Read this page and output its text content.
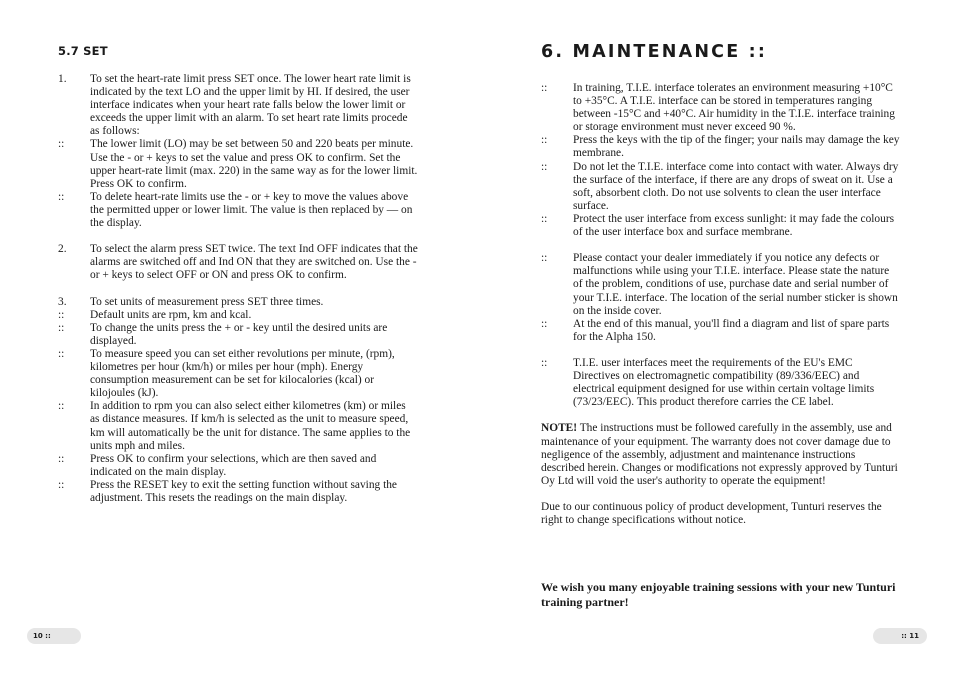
5.7 SET
1.	To set the heart-rate limit press SET once. The lower heart rate limit is indicated by the text LO and the upper limit by HI. If desired, the user interface indicates when your heart rate falls below the lower limit or exceeds the upper limit with an alarm. To set heart rate limits procede as follows:
::	The lower limit (LO) may be set between 50 and 220 beats per minute. Use the - or + keys to set the value and press OK to confirm. Set the upper heart-rate limit (max. 220) in the same way as for the lower limit. Press OK to confirm.
::	To delete heart-rate limits use the - or + key to move the values above the permitted upper or lower limit. The value is then replaced by — on the display.
2.	To select the alarm press SET twice. The text Ind OFF indicates that the alarms are switched off and Ind ON that they are switched on. Use the - or + keys to select OFF or ON and press OK to confirm.
3.	To set units of measurement press SET three times.
::	Default units are rpm, km and kcal.
::	To change the units press the + or - key until the desired units are displayed.
::	To measure speed you can set either revolutions per minute, (rpm), kilometres per hour (km/h) or miles per hour (mph). Energy consumption measurement can be set for kilocalories (kcal) or kilojoules (kJ).
::	In addition to rpm you can also select either kilometres (km) or miles as distance measures. If km/h is selected as the unit to measure speed, km will automatically be the unit for distance. The same applies to the units mph and miles.
::	Press OK to confirm your selections, which are then saved and indicated on the main display.
::	Press the RESET key to exit the setting function without saving the adjustment. This resets the readings on the main display.
10 ::
6. MAINTENANCE ::
::	In training, T.I.E. interface tolerates an environment measuring +10°C to +35°C. A T.I.E. interface can be stored in temperatures ranging between -15°C and +40°C. Air humidity in the T.I.E. interface training or storage environment must never exceed 90 %.
::	Press the keys with the tip of the finger; your nails may damage the key membrane.
::	Do not let the T.I.E. interface come into contact with water. Always dry the surface of the interface, if there are any drops of sweat on it. Use a soft, absorbent cloth. Do not use solvents to clean the user interface surface.
::	Protect the user interface from excess sunlight: it may fade the colours of the user interface box and surface membrane.
::	Please contact your dealer immediately if you notice any defects or malfunctions while using your T.I.E. interface. Please state the nature of the problem, conditions of use, purchase date and serial number of your T.I.E. interface. The location of the serial number sticker is shown on the inside cover.
::	At the end of this manual, you'll find a diagram and list of spare parts for the Alpha 150.
::	T.I.E. user interfaces meet the requirements of the EU's EMC Directives on electromagnetic compatibility (89/336/EEC) and electrical equipment designed for use within certain voltage limits (73/23/EEC). This product therefore carries the CE label.

NOTE! The instructions must be followed carefully in the assembly, use and maintenance of your equipment. The warranty does not cover damage due to negligence of the assembly, adjustment and maintenance instructions described herein. Changes or modifications not expressly approved by Tunturi Oy Ltd will void the user's authority to operate the equipment!

Due to our continuous policy of product development, Tunturi reserves the right to change specifications without notice.

We wish you many enjoyable training sessions with your new Tunturi training partner!
:: 11
